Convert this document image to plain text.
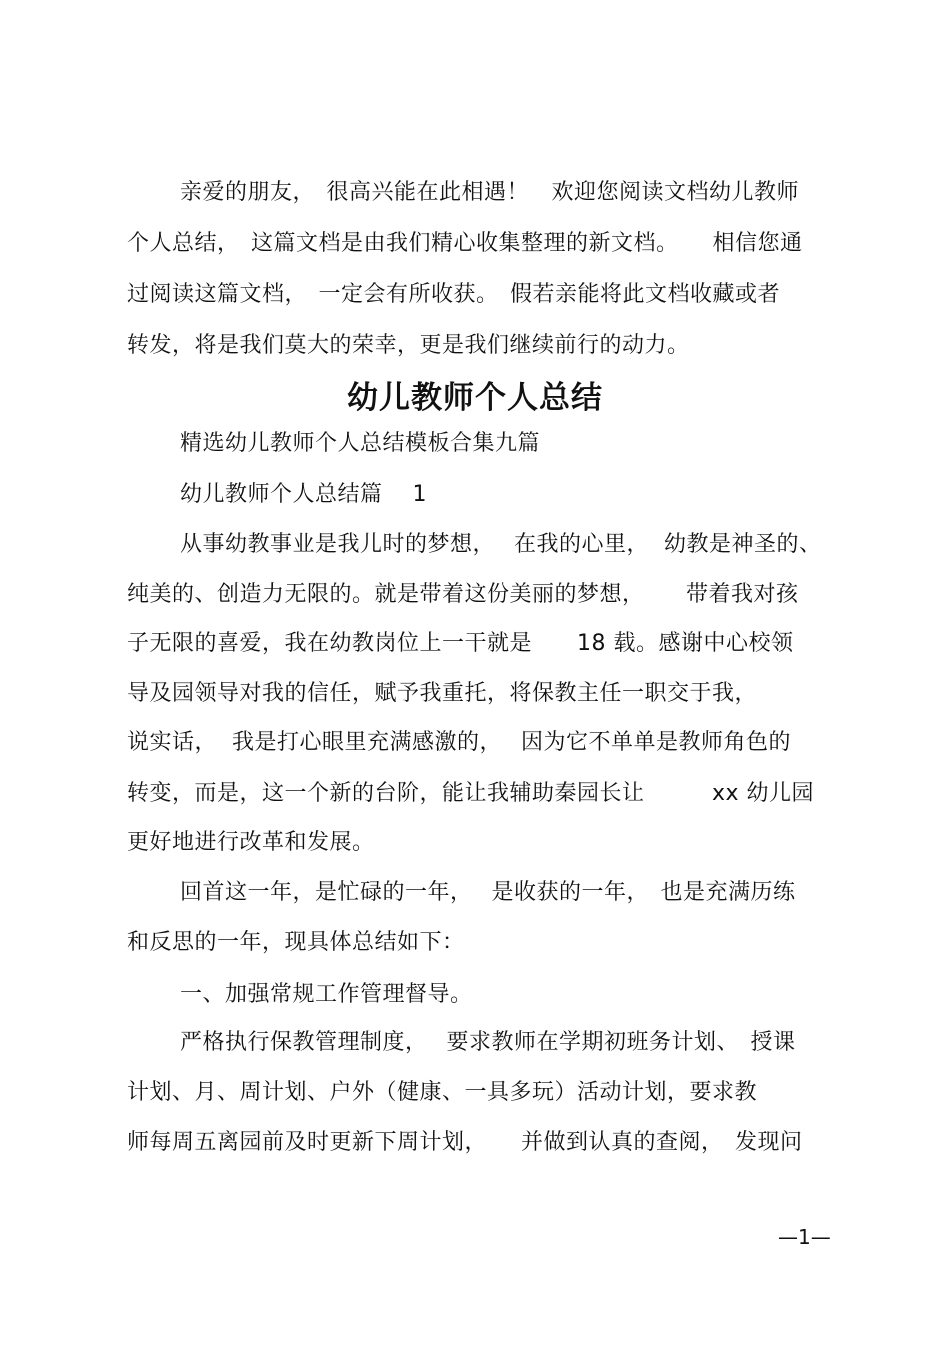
亲爱的朋友，　很高兴能在此相遇！　欢迎您阅读文档幼儿教师

个人总结，　这篇文档是由我们精心收集整理的新文档。　　相信您通

过阅读这篇文档，　一定会有所收获。　假若亲能将此文档收藏或者

转发，将是我们莫大的荣幸，更是我们继续前行的动力。

幼儿教师个人总结

精选幼儿教师个人总结模板合集九篇

幼儿教师个人总结篇　 1

从事幼教事业是我儿时的梦想，　 在我的心里，  幼教是神圣的、

纯美的、创造力无限的。就是带着这份美丽的梦想，　　 带着我对孩

子无限的喜爱，我在幼教岗位上一干就是　　18 载。感谢中心校领

导及园领导对我的信任，赋予我重托，将保教主任一职交于我，

说实话，  我是打心眼里充满感激的，　 因为它不单单是教师角色的

转变，而是，这一个新的台阶，能让我辅助秦园长让　　　xx 幼儿园

更好地进行改革和发展。

回首这一年，是忙碌的一年，　 是收获的一年，　也是充满历练

和反思的一年，现具体总结如下：

一、加强常规工作管理督导。

严格执行保教管理制度，　 要求教师在学期初班务计划、　授课

计划、月、周计划、户外（健康、一具多玩）活动计划，要求教

师每周五离园前及时更新下周计划，　　并做到认真的查阅，　发现问

—1—
